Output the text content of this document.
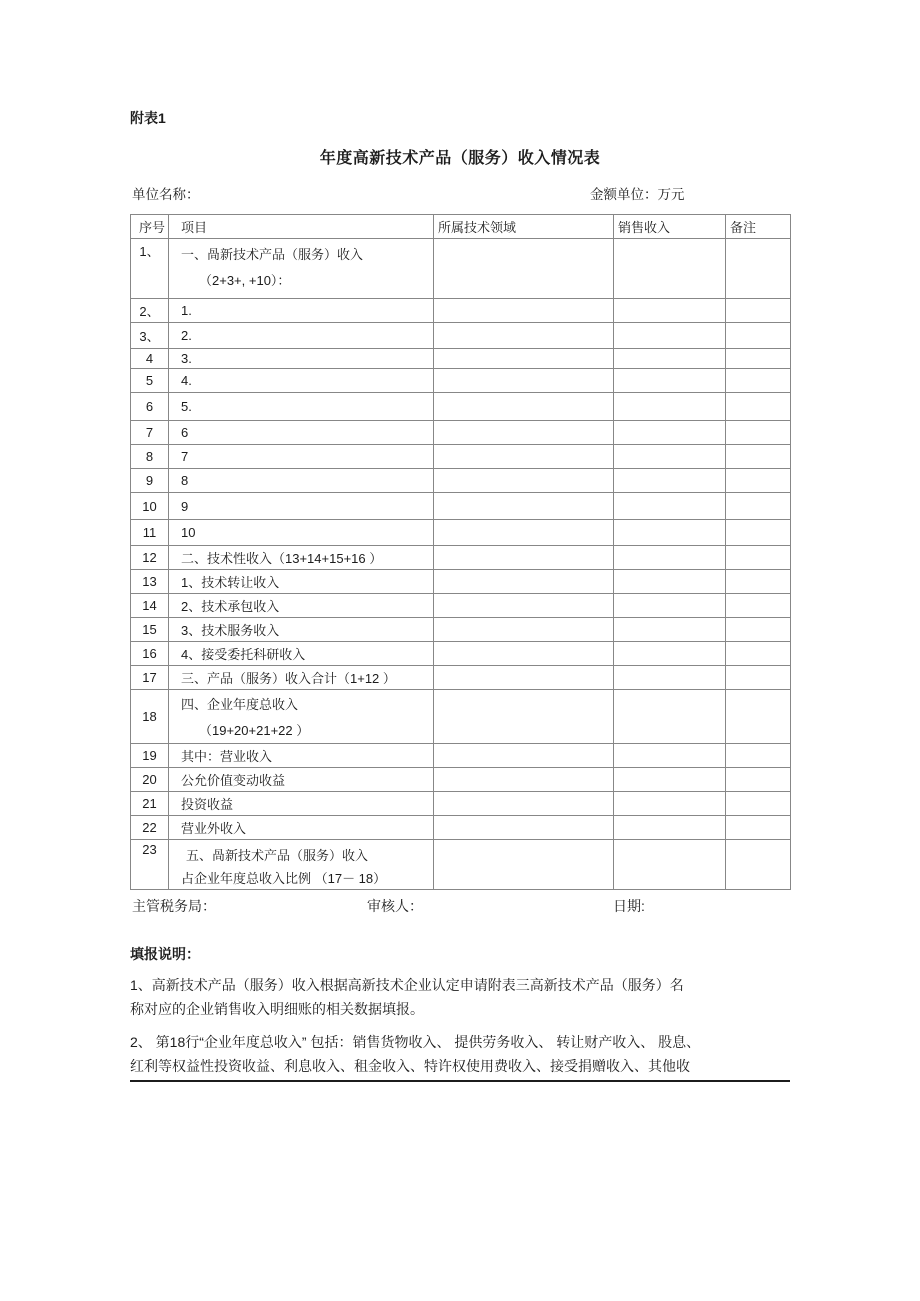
附表1
年度高新技术产品（服务）收入情况表
单位名称：	金额单位：万元
序号	项目	所属技术领域	销售收入	备注
1、	一、咼新技术产品（服务）收入
（2+3+, +10）：			

2、	1.			

3、	2.			

4	3.			

5	4.			

6	5.			

7	6			

8	7			

9	8			

10	9			

11	10			

12	二、技术性收入（13+14+15+16 ）			

13	1、技术转让收入			

14	2、技术承包收入			

15	3、技术服务收入			

16	4、接受委托科研收入			

17	三、产品（服务）收入合计（1+12 ）			

18	四、企业年度总收入
（19+20+21+22 ）			

19	其中：营业收入			

20	公允价值变动收益			

21	投资收益			

22	营业外收入			

23	五、咼新技术产品（服务）收入
占企业年度总收入比例 （17－ 18）			

主管税务局：	审核人：	日期:
填报说明：
1、高新技术产品（服务）收入根据高新技术企业认定申请附表三高新技术产品（服务）名
称对应的企业销售收入明细账的相关数据填报。
2、 第18行“企业年度总收入” 包括：销售货物收入、 提供劳务收入、 转让财产收入、 股息、
红利等权益性投资收益、利息收入、租金收入、特许权使用费收入、接受捐赠收入、其他收
